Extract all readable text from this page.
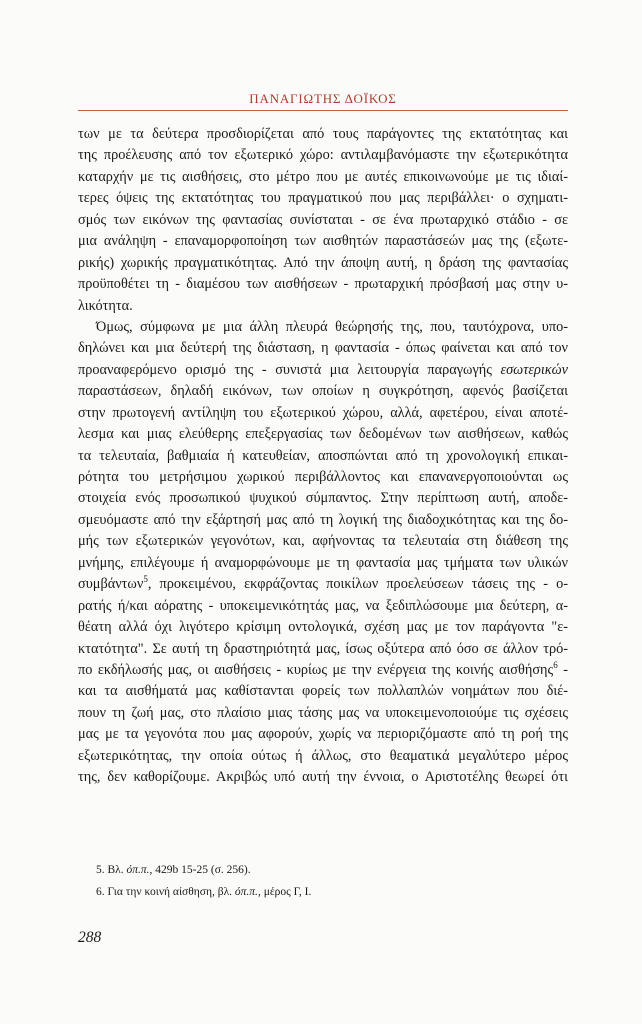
ΠΑΝΑΓΙΩΤΗΣ ΔΟΪΚΟΣ
των με τα δεύτερα προσδιορίζεται από τους παράγοντες της εκτατότητας και
της προέλευσης από τον εξωτερικό χώρο: αντιλαμβανόμαστε την εξωτερικότητα
καταρχήν με τις αισθήσεις, στο μέτρο που με αυτές επικοινωνούμε με τις ιδιαί-
τερες όψεις της εκτατότητας του πραγματικού που μας περιβάλλει· ο σχηματι-
σμός των εικόνων της φαντασίας συνίσταται - σε ένα πρωταρχικό στάδιο - σε
μια ανάληψη - επαναμορφοποίηση των αισθητών παραστάσεών μας της (εξωτε-
ρικής) χωρικής πραγματικότητας. Από την άποψη αυτή, η δράση της φαντασίας
προϋποθέτει τη - διαμέσου των αισθήσεων - πρωταρχική πρόσβασή μας στην υ-
λικότητα.
Όμως, σύμφωνα με μια άλλη πλευρά θεώρησής της, που, ταυτόχρονα, υπο-
δηλώνει και μια δεύτερή της διάσταση, η φαντασία - όπως φαίνεται και από τον
προαναφερόμενο ορισμό της - συνιστά μια λειτουργία παραγωγής εσωτερικών
παραστάσεων, δηλαδή εικόνων, των οποίων η συγκρότηση, αφενός βασίζεται
στην πρωτογενή αντίληψη του εξωτερικού χώρου, αλλά, αφετέρου, είναι αποτέ-
λεσμα και μιας ελεύθερης επεξεργασίας των δεδομένων των αισθήσεων, καθώς
τα τελευταία, βαθμιαία ή κατευθείαν, αποσπώνται από τη χρονολογική επικαι-
ρότητα του μετρήσιμου χωρικού περιβάλλοντος και επανανεργοποιούνται ως
στοιχεία ενός προσωπικού ψυχικού σύμπαντος. Στην περίπτωση αυτή, αποδε-
σμευόμαστε από την εξάρτησή μας από τη λογική της διαδοχικότητας και της δο-
μής των εξωτερικών γεγονότων, και, αφήνοντας τα τελευταία στη διάθεση της
μνήμης, επιλέγουμε ή αναμορφώνουμε με τη φαντασία μας τμήματα των υλικών
συμβάντων$^5$, προκειμένου, εκφράζοντας ποικίλων προελεύσεων τάσεις της - ο-
ρατής ή/και αόρατης - υποκειμενικότητάς μας, να ξεδιπλώσουμε μια δεύτερη, α-
θέατη αλλά όχι λιγότερο κρίσιμη οντολογικά, σχέση μας με τον παράγοντα "ε-
κτατότητα". Σε αυτή τη δραστηριότητά μας, ίσως οξύτερα από όσο σε άλλον τρό-
πο εκδήλωσής μας, οι αισθήσεις - κυρίως με την ενέργεια της κοινής αισθήσης$^6$ -
και τα αισθήματά μας καθίστανται φορείς των πολλαπλών νοημάτων που διέ-
πουν τη ζωή μας, στο πλαίσιο μιας τάσης μας να υποκειμενοποιούμε τις σχέσεις
μας με τα γεγονότα που μας αφορούν, χωρίς να περιοριζόμαστε από τη ροή της
εξωτερικότητας, την οποία ούτως ή άλλως, στο θεαματικά μεγαλύτερο μέρος
της, δεν καθορίζουμε. Ακριβώς υπό αυτή την έννοια, ο Αριστοτέλης θεωρεί ότι
5. Βλ. όπ.π., 429b 15-25 (σ. 256).
6. Για την κοινή αίσθηση, βλ. όπ.π., μέρος Γ, Ι.
288
